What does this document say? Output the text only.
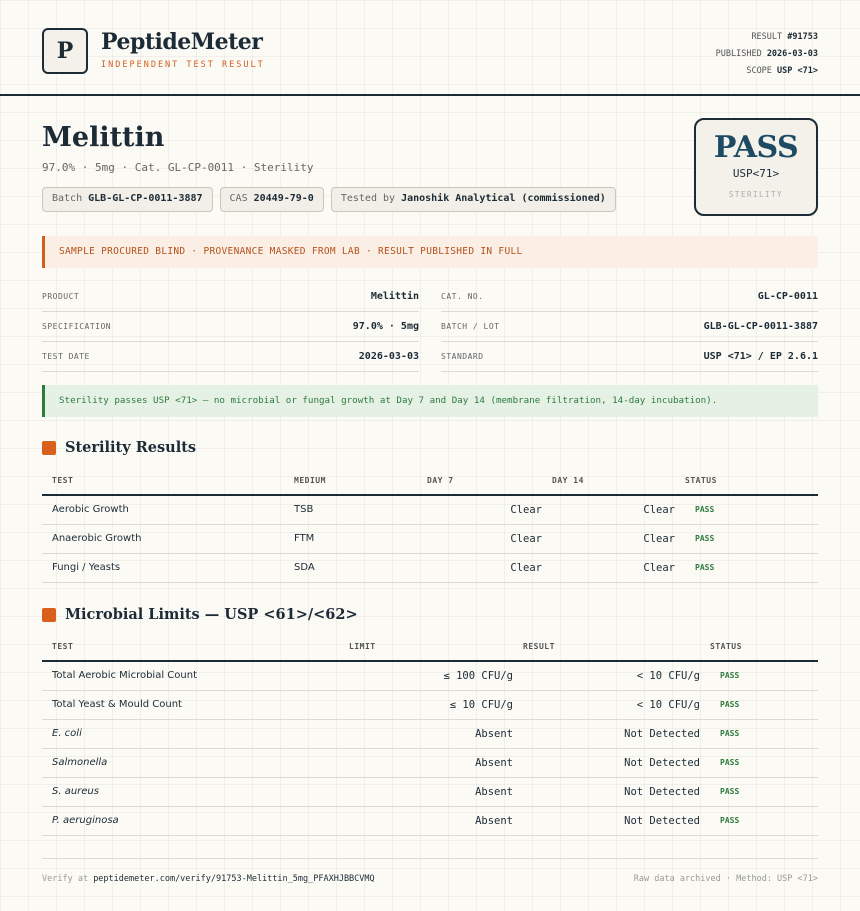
P	PeptideMeter
INDEPENDENT TEST RESULT
RESULT #91753
PUBLISHED 2026-03-03
SCOPE USP <71>
Melittin
97.0% · 5mg · Cat. GL-CP-0011 · Sterility
Batch GLB-GL-CP-0011-3887	CAS 20449-79-0	Tested by Janoshik Analytical (commissioned)
PASS
USP<71>
STERILITY
SAMPLE PROCURED BLIND · PROVENANCE MASKED FROM LAB · RESULT PUBLISHED IN FULL
PRODUCT	Melittin	CAT. NO.	GL-CP-0011
SPECIFICATION	97.0% · 5mg	BATCH / LOT	GLB-GL-CP-0011-3887
TEST DATE	2026-03-03	STANDARD	USP <71> / EP 2.6.1
Sterility passes USP <71> — no microbial or fungal growth at Day 7 and Day 14 (membrane filtration, 14-day incubation).
Sterility Results
TEST	MEDIUM	DAY 7	DAY 14	STATUS
Aerobic Growth	TSB	Clear	Clear	PASS
Anaerobic Growth	FTM	Clear	Clear	PASS
Fungi / Yeasts	SDA	Clear	Clear	PASS
Microbial Limits — USP <61>/<62>
TEST	LIMIT	RESULT	STATUS
Total Aerobic Microbial Count	≤ 100 CFU/g	< 10 CFU/g	PASS
Total Yeast & Mould Count	≤ 10 CFU/g	< 10 CFU/g	PASS
E. coli	Absent	Not Detected	PASS
Salmonella	Absent	Not Detected	PASS
S. aureus	Absent	Not Detected	PASS
P. aeruginosa	Absent	Not Detected	PASS
Verify at peptidemeter.com/verify/91753-Melittin_5mg_PFAXHJBBCVMQ	Raw data archived · Method: USP <71>
